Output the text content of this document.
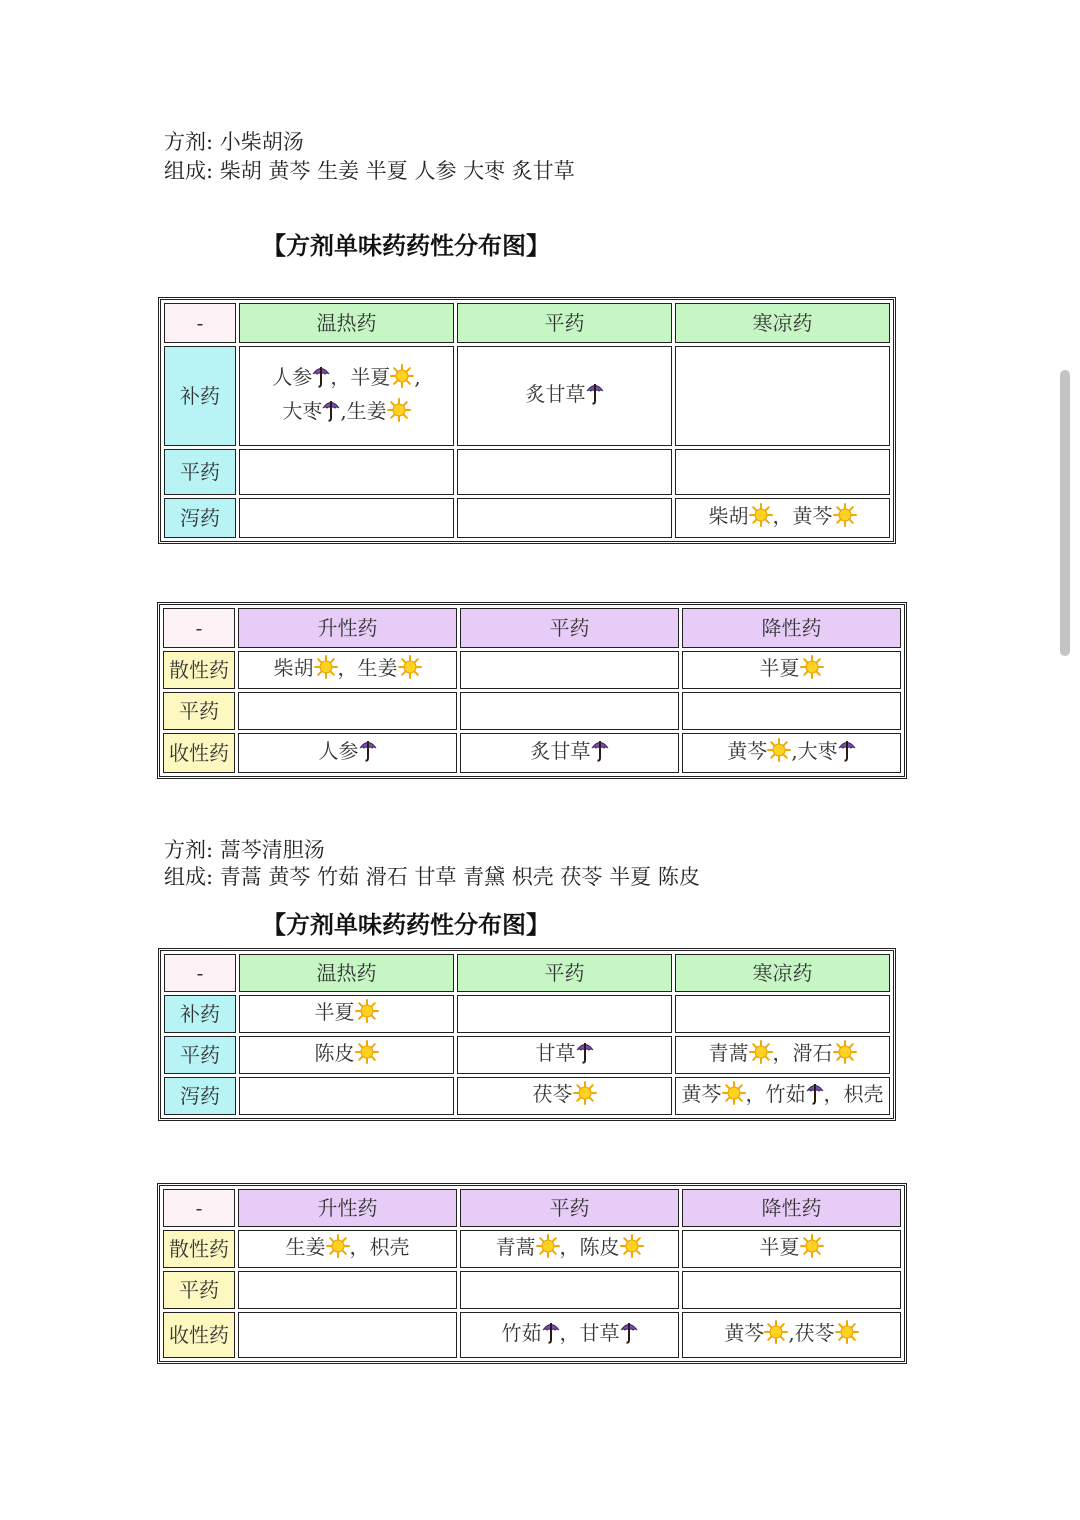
方剂: 小柴胡汤
组成: 柴胡 黄芩 生姜 半夏 人参 大枣 炙甘草
【方剂单味药药性分布图】
-	温热药	平药	寒凉药
补药	人参 ，半夏 ,大枣 ,生姜	炙甘草	
平药			
泻药			柴胡 ，黄芩
-	升性药	平药	降性药
散性药	柴胡 ，生姜		半夏
平药			
收性药	人参	炙甘草	黄芩 ,大枣
方剂: 蒿芩清胆汤
组成: 青蒿 黄芩 竹茹 滑石 甘草 青黛 枳壳 茯苓 半夏 陈皮
【方剂单味药药性分布图】
-	温热药	平药	寒凉药
补药	半夏		
平药	陈皮	甘草	青蒿 ，滑石
泻药		茯苓	黄芩 ，竹茹 ，枳壳
-	升性药	平药	降性药
散性药	生姜 ，枳壳	青蒿 ，陈皮	半夏
平药			
收性药		竹茹 ，甘草	黄芩 ,茯苓
